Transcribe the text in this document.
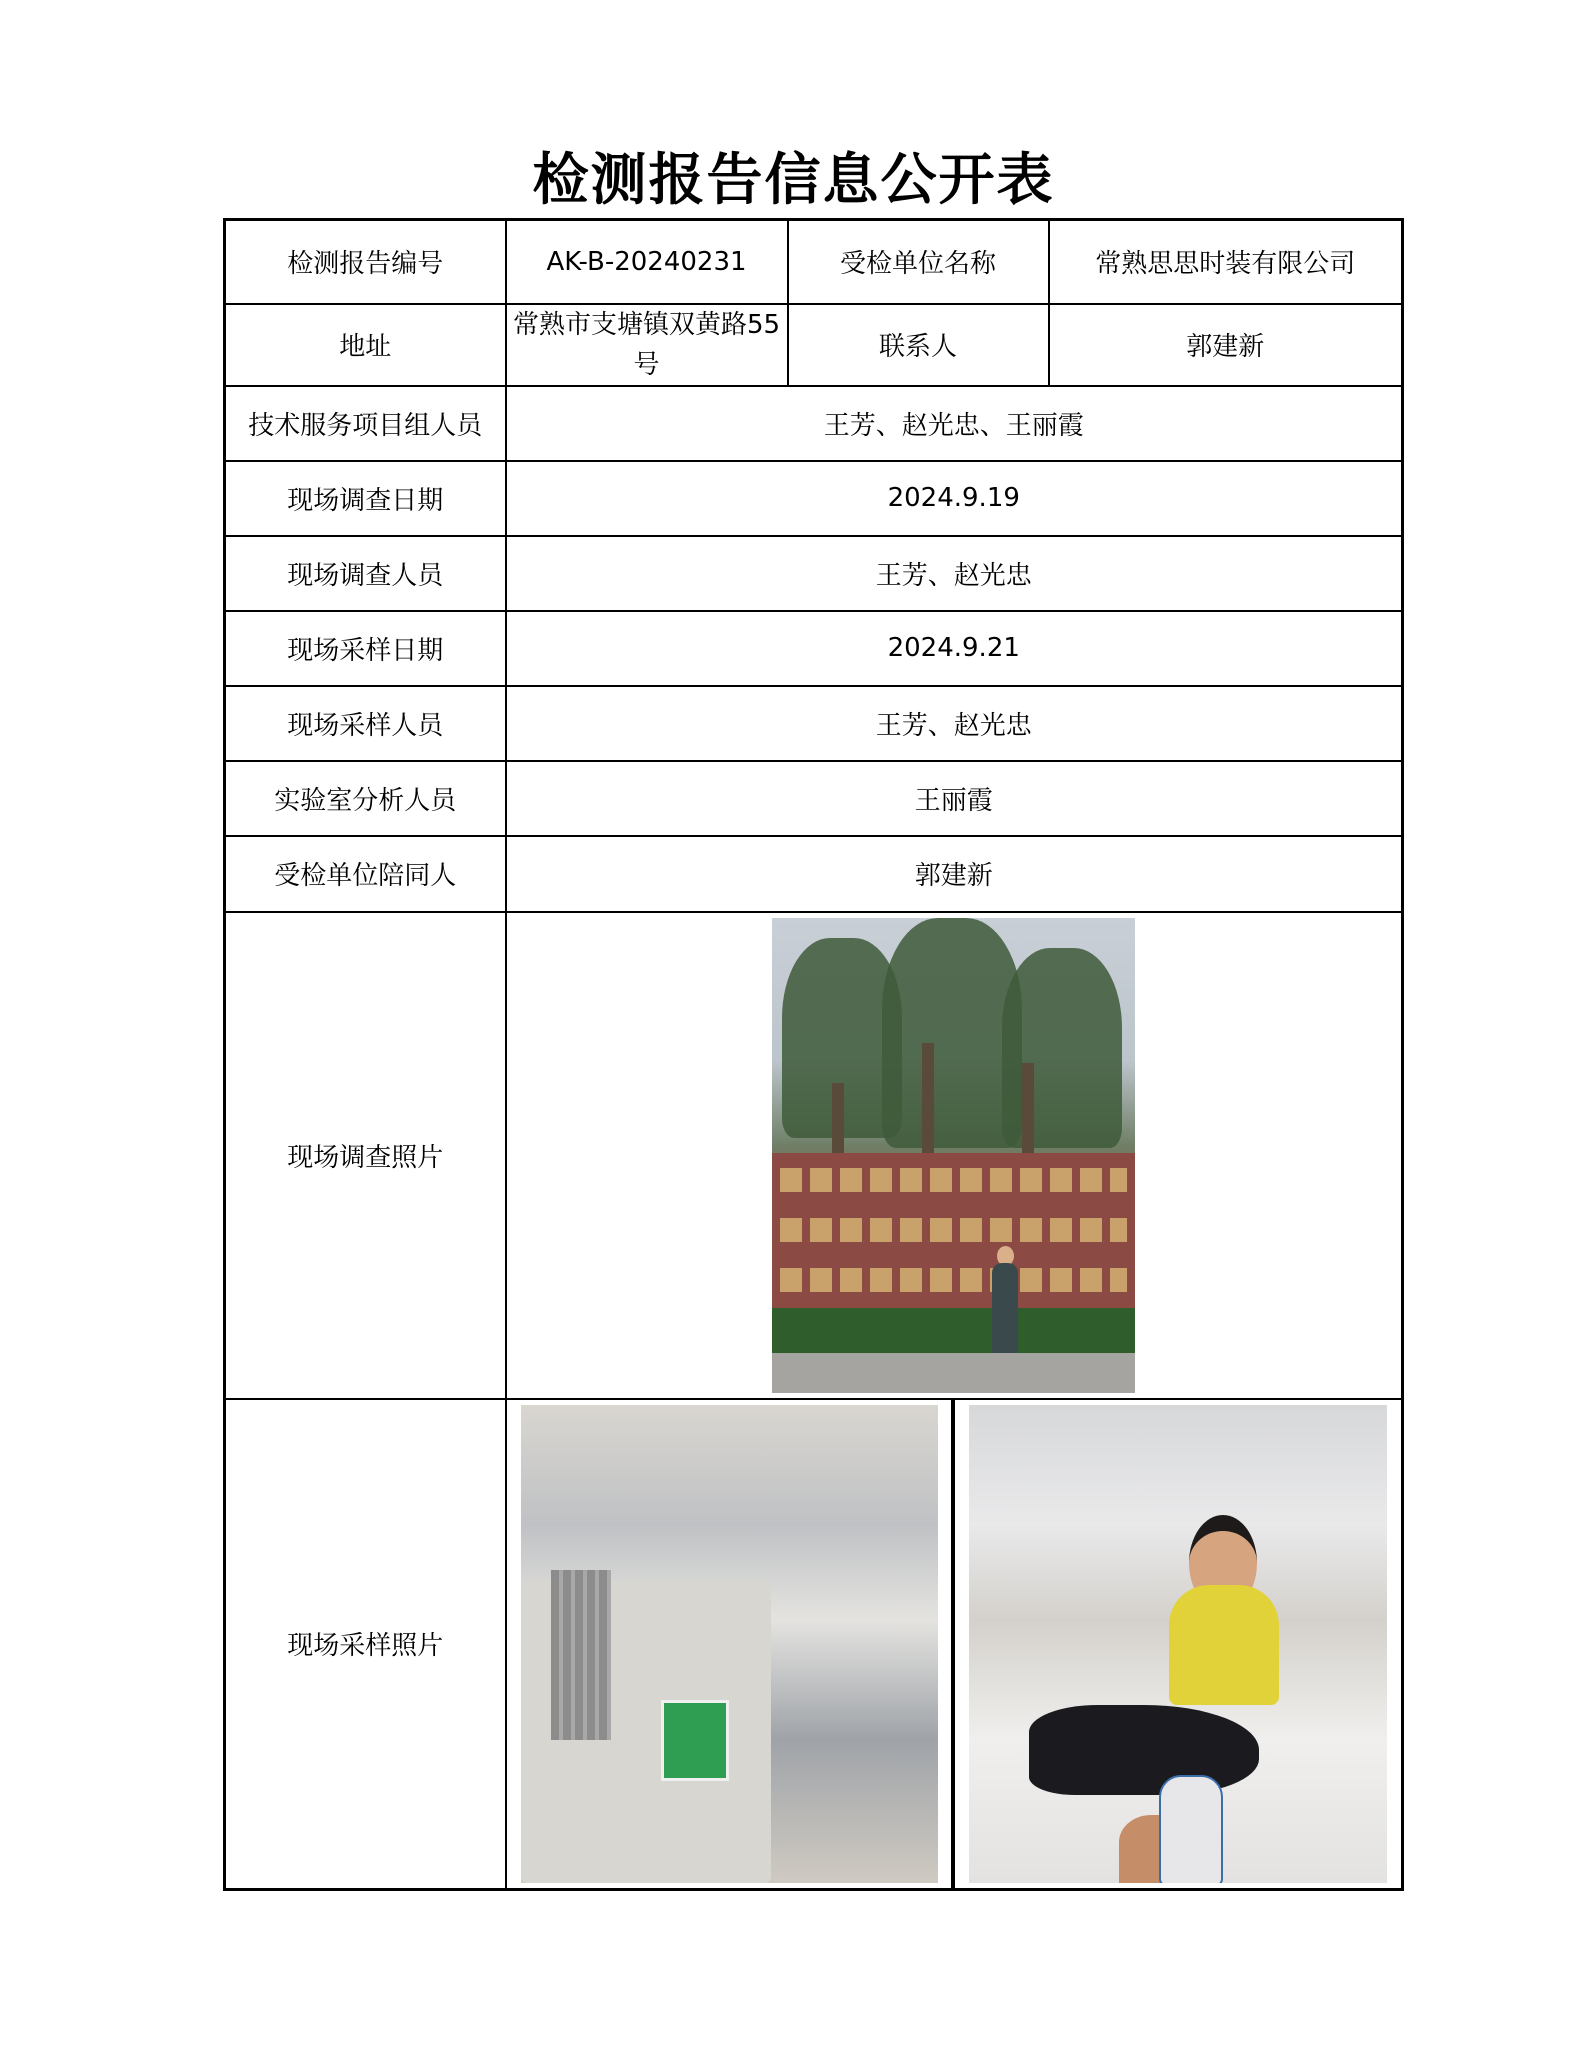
检测报告信息公开表
检测报告编号	AK-B-20240231	受检单位名称	常熟思思时装有限公司
地址	常熟市支塘镇双黄路55号	联系人	郭建新
技术服务项目组人员	王芳、赵光忠、王丽霞		
现场调查日期	2024.9.19		
现场调查人员	王芳、赵光忠		
现场采样日期	2024.9.21		
现场采样人员	王芳、赵光忠		
实验室分析人员	王丽霞		
受检单位陪同人	郭建新		
现场调查照片			

现场采样照片			
